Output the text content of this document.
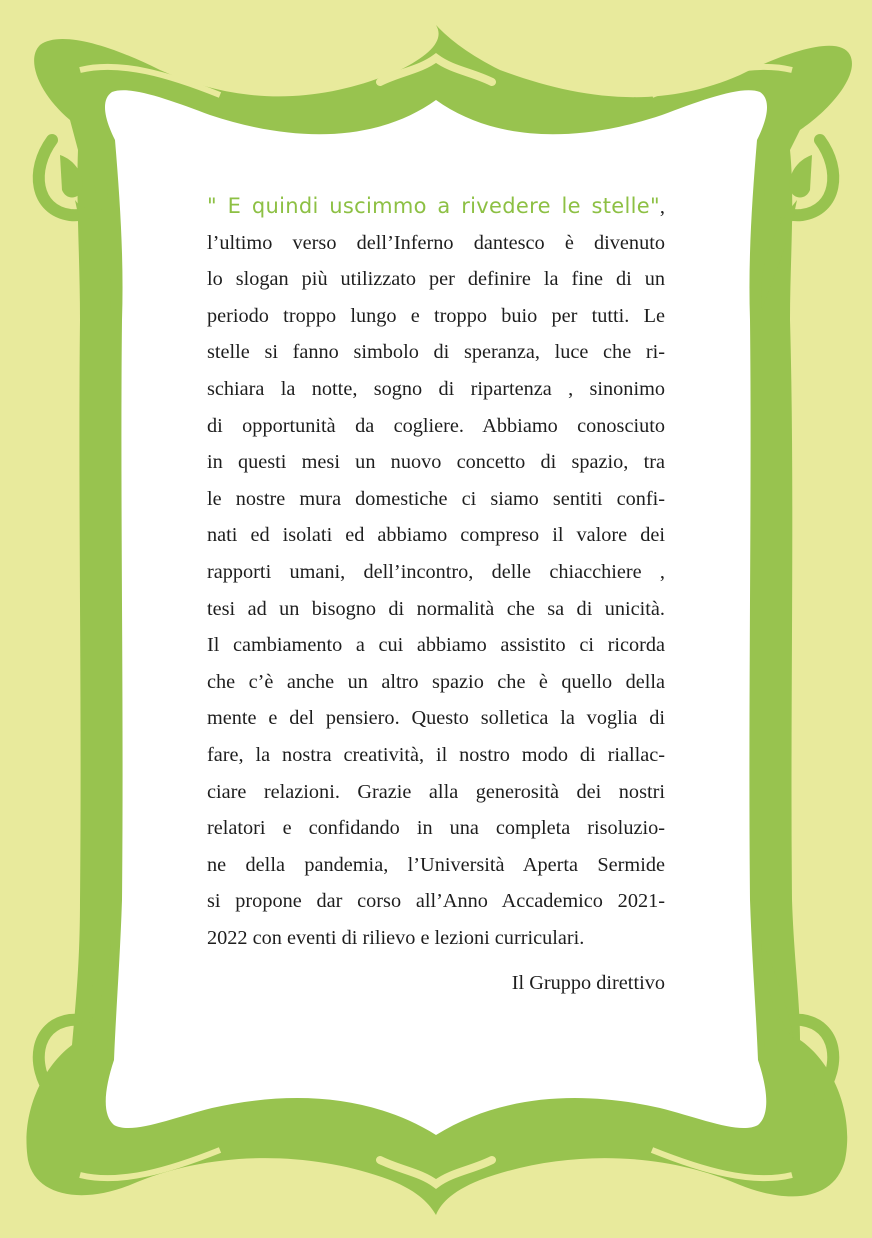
" E quindi uscimmo a rivedere le stelle",
l’ultimo verso dell’Inferno dantesco è divenuto
lo slogan più utilizzato per definire la fine di un
periodo troppo lungo e troppo buio per tutti. Le
stelle si fanno simbolo di speranza, luce che ri-
schiara la notte, sogno di ripartenza , sinonimo
di opportunità da cogliere. Abbiamo conosciuto
in questi mesi un nuovo concetto di spazio, tra
le nostre mura domestiche ci siamo sentiti confi-
nati ed isolati ed abbiamo compreso il valore dei
rapporti umani, dell’incontro, delle chiacchiere ,
tesi ad un bisogno di normalità che sa di unicità.
Il cambiamento a cui abbiamo assistito ci ricorda
che c’è anche un altro spazio che è quello della
mente e del pensiero. Questo solletica la voglia di
fare, la nostra creatività, il nostro modo di riallac-
ciare relazioni. Grazie alla generosità dei nostri
relatori e confidando in una completa risoluzio-
ne della pandemia, l’Università Aperta Sermide
si propone dar corso all’Anno Accademico 2021-
2022 con eventi di rilievo e lezioni curriculari.
Il Gruppo direttivo
